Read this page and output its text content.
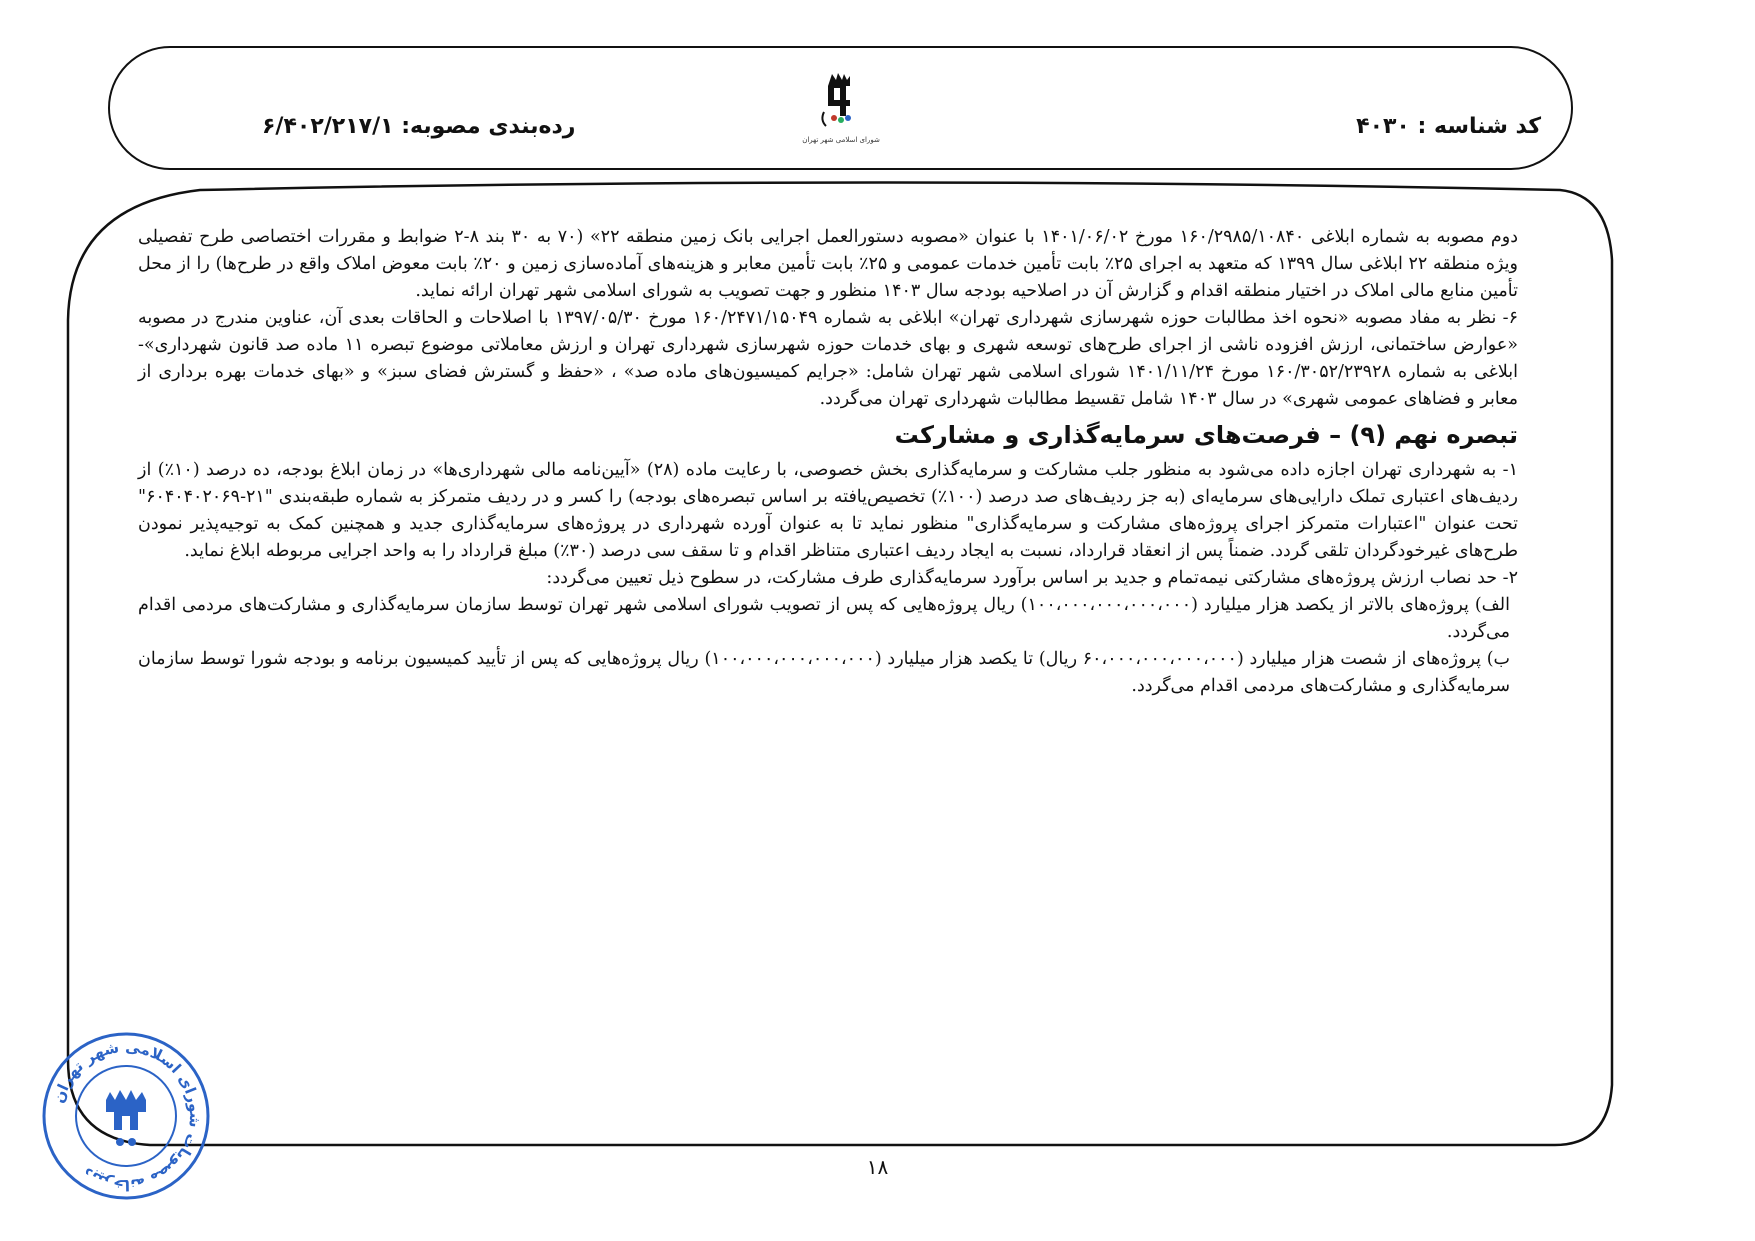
کد شناسه : ۴۰۳۰
رده‌بندی مصوبه: ۶/۴۰۲/۲۱۷/۱
شورای اسلامی شهر تهران

دوم مصوبه به شماره ابلاغی ۱۶۰/۲۹۸۵/۱۰۸۴۰ مورخ ۱۴۰۱/۰۶/۰۲ با عنوان «مصوبه دستورالعمل اجرایی بانک زمین منطقه ۲۲» (۷۰ به ۳۰ بند ۸-۲ ضوابط و مقررات اختصاصی طرح تفصیلی ویژه منطقه ۲۲ ابلاغی سال ۱۳۹۹ که متعهد به اجرای ۲۵٪ بابت تأمین خدمات عمومی و ۲۵٪ بابت تأمین معابر و هزینه‌های آماده‌سازی زمین و ۲۰٪ بابت معوض املاک واقع در طرح‌ها) را از محل تأمین منابع مالی املاک در اختیار منطقه اقدام و گزارش آن در اصلاحیه بودجه سال ۱۴۰۳ منظور و جهت تصویب به شورای اسلامی شهر تهران ارائه نماید.

۶- نظر به مفاد مصوبه «نحوه اخذ مطالبات حوزه شهرسازی شهرداری تهران» ابلاغی به شماره ۱۶۰/۲۴۷۱/۱۵۰۴۹ مورخ ۱۳۹۷/۰۵/۳۰ با اصلاحات و الحاقات بعدی آن، عناوین مندرج در مصوبه «عوارض ساختمانی، ارزش افزوده ناشی از اجرای طرح‌های توسعه شهری و بهای خدمات حوزه شهرسازی شهرداری تهران و ارزش معاملاتی موضوع تبصره ۱۱ ماده صد قانون شهرداری»- ابلاغی به شماره ۱۶۰/۳۰۵۲/۲۳۹۲۸ مورخ ۱۴۰۱/۱۱/۲۴ شورای اسلامی شهر تهران شامل: «جرایم کمیسیون‌های ماده صد» ، «حفظ و گسترش فضای سبز» و «بهای خدمات بهره برداری از معابر و فضاهای عمومی شهری» در سال ۱۴۰۳ شامل تقسیط مطالبات شهرداری تهران می‌گردد.

تبصره نهم (۹) – فرصت‌های سرمایه‌گذاری و مشارکت

۱- به شهرداری تهران اجازه داده می‌شود به منظور جلب مشارکت و سرمایه‌گذاری بخش خصوصی، با رعایت ماده (۲۸) «آیین‌نامه مالی شهرداری‌ها» در زمان ابلاغ بودجه، ده درصد (۱۰٪) از ردیف‌های اعتباری تملک دارایی‌های سرمایه‌ای (به جز ردیف‌های صد درصد (۱۰۰٪) تخصیص‌یافته بر اساس تبصره‌های بودجه) را کسر و در ردیف متمرکز به شماره طبقه‌بندی "۲۱-۶۰۴۰۴۰۲۰۶۹" تحت عنوان "اعتبارات متمرکز اجرای پروژه‌های مشارکت و سرمایه‌گذاری" منظور نماید تا به عنوان آورده شهرداری در پروژه‌های سرمایه‌گذاری جدید و همچنین کمک به توجیه‌پذیر نمودن طرح‌های غیرخودگردان تلقی گردد. ضمناً پس از انعقاد قرارداد، نسبت به ایجاد ردیف اعتباری متناظر اقدام و تا سقف سی درصد (۳۰٪) مبلغ قرارداد را به واحد اجرایی مربوطه ابلاغ نماید.

۲- حد نصاب ارزش پروژه‌های مشارکتی نیمه‌تمام و جدید بر اساس برآورد سرمایه‌گذاری طرف مشارکت، در سطوح ذیل تعیین می‌گردد:

الف) پروژه‌های بالاتر از یکصد هزار میلیارد (۱۰۰،۰۰۰،۰۰۰،۰۰۰،۰۰۰) ریال پروژه‌هایی که پس از تصویب شورای اسلامی شهر تهران توسط سازمان سرمایه‌گذاری و مشارکت‌های مردمی اقدام می‌گردد.

ب) پروژه‌های از شصت هزار میلیارد (۶۰،۰۰۰،۰۰۰،۰۰۰،۰۰۰ ریال) تا یکصد هزار میلیارد (۱۰۰،۰۰۰،۰۰۰،۰۰۰،۰۰۰) ریال پروژه‌هایی که پس از تأیید کمیسیون برنامه و بودجه شورا توسط سازمان سرمایه‌گذاری و مشارکت‌های مردمی اقدام می‌گردد.

دبیرخانه مصوبات شورای اسلامی شهر تهران	۱۸
